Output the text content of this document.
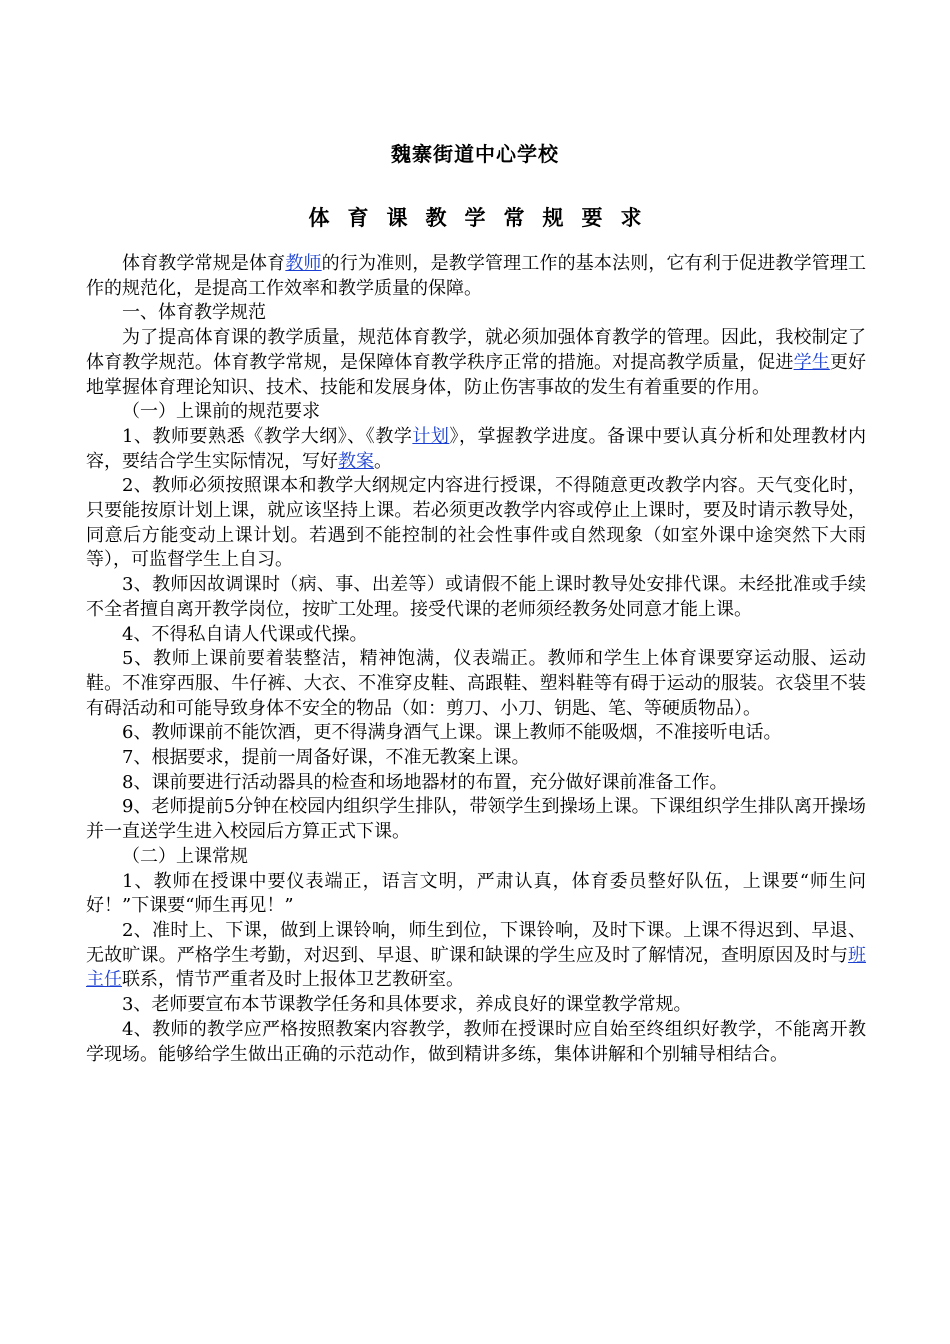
魏寨街道中心学校
体育课教学常规要求

体育教学常规是体育教师的行为准则，是教学管理工作的基本法则，它有利于促进教学管理工作的规范化，是提高工作效率和教学质量的保障。

一、体育教学规范

为了提高体育课的教学质量，规范体育教学，就必须加强体育教学的管理。因此，我校制定了体育教学规范。体育教学常规，是保障体育教学秩序正常的措施。对提高教学质量，促进学生更好地掌握体育理论知识、技术、技能和发展身体，防止伤害事故的发生有着重要的作用。

（一）上课前的规范要求

1、教师要熟悉《教学大纲》、《教学计划》，掌握教学进度。备课中要认真分析和处理教材内容，要结合学生实际情况，写好教案。

2、教师必须按照课本和教学大纲规定内容进行授课，不得随意更改教学内容。天气变化时，只要能按原计划上课，就应该坚持上课。若必须更改教学内容或停止上课时，要及时请示教导处，同意后方能变动上课计划。若遇到不能控制的社会性事件或自然现象（如室外课中途突然下大雨等），可监督学生上自习。

3、教师因故调课时（病、事、出差等）或请假不能上课时教导处安排代课。未经批准或手续不全者擅自离开教学岗位，按旷工处理。接受代课的老师须经教务处同意才能上课。

4、不得私自请人代课或代操。

5、教师上课前要着装整洁，精神饱满，仪表端正。教师和学生上体育课要穿运动服、运动鞋。不准穿西服、牛仔裤、大衣、不准穿皮鞋、高跟鞋、塑料鞋等有碍于运动的服装。衣袋里不装有碍活动和可能导致身体不安全的物品（如：剪刀、小刀、钥匙、笔、等硬质物品）。

6、教师课前不能饮酒，更不得满身酒气上课。课上教师不能吸烟，不准接听电话。

7、根据要求，提前一周备好课，不准无教案上课。

8、课前要进行活动器具的检查和场地器材的布置，充分做好课前准备工作。

9、老师提前5分钟在校园内组织学生排队，带领学生到操场上课。下课组织学生排队离开操场并一直送学生进入校园后方算正式下课。

（二）上课常规

1、教师在授课中要仪表端正，语言文明，严肃认真，体育委员整好队伍，上课要“师生问好！”下课要“师生再见！”

2、准时上、下课，做到上课铃响，师生到位，下课铃响，及时下课。上课不得迟到、早退、无故旷课。严格学生考勤，对迟到、早退、旷课和缺课的学生应及时了解情况，查明原因及时与班主任联系，情节严重者及时上报体卫艺教研室。

3、老师要宣布本节课教学任务和具体要求，养成良好的课堂教学常规。

4、教师的教学应严格按照教案内容教学，教师在授课时应自始至终组织好教学，不能离开教学现场。能够给学生做出正确的示范动作，做到精讲多练，集体讲解和个别辅导相结合。
